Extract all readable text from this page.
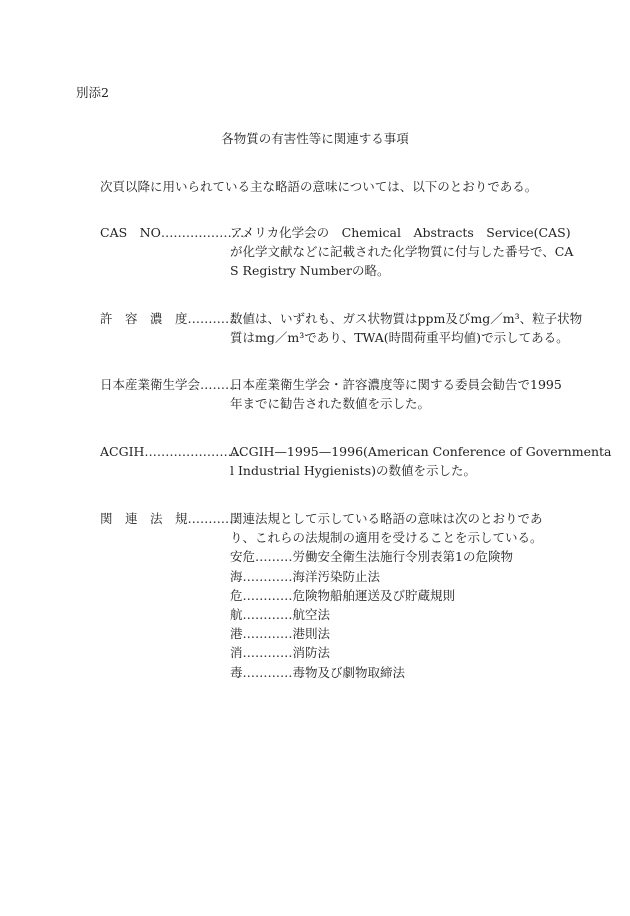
別添2
各物質の有害性等に関連する事項
次頁以降に用いられている主な略語の意味については、以下のとおりである。
CAS　NO…………………
アメリカ化学会の　Chemical　Abstracts　Service(CAS)
が化学文献などに記載された化学物質に付与した番号で、CA
S Registry Numberの略。
許　容　濃　度…………
数値は、いずれも、ガス状物質はppm及びmg／m³、粒子状物
質はmg／m³であり、TWA(時間荷重平均値)で示してある。
日本産業衛生学会………
日本産業衛生学会・許容濃度等に関する委員会勧告で1995
年までに勧告された数値を示した。
ACGIH……………………
ACGIH—1995—1996(American Conference of Governmenta
l Industrial Hygienists)の数値を示した。
関　連　法　規…………
関連法規として示している略語の意味は次のとおりであ
り、これらの法規制の適用を受けることを示している。
安危………労働安全衛生法施行令別表第1の危険物
海…………海洋汚染防止法
危…………危険物船舶運送及び貯蔵規則
航…………航空法
港…………港則法
消…………消防法
毒…………毒物及び劇物取締法
